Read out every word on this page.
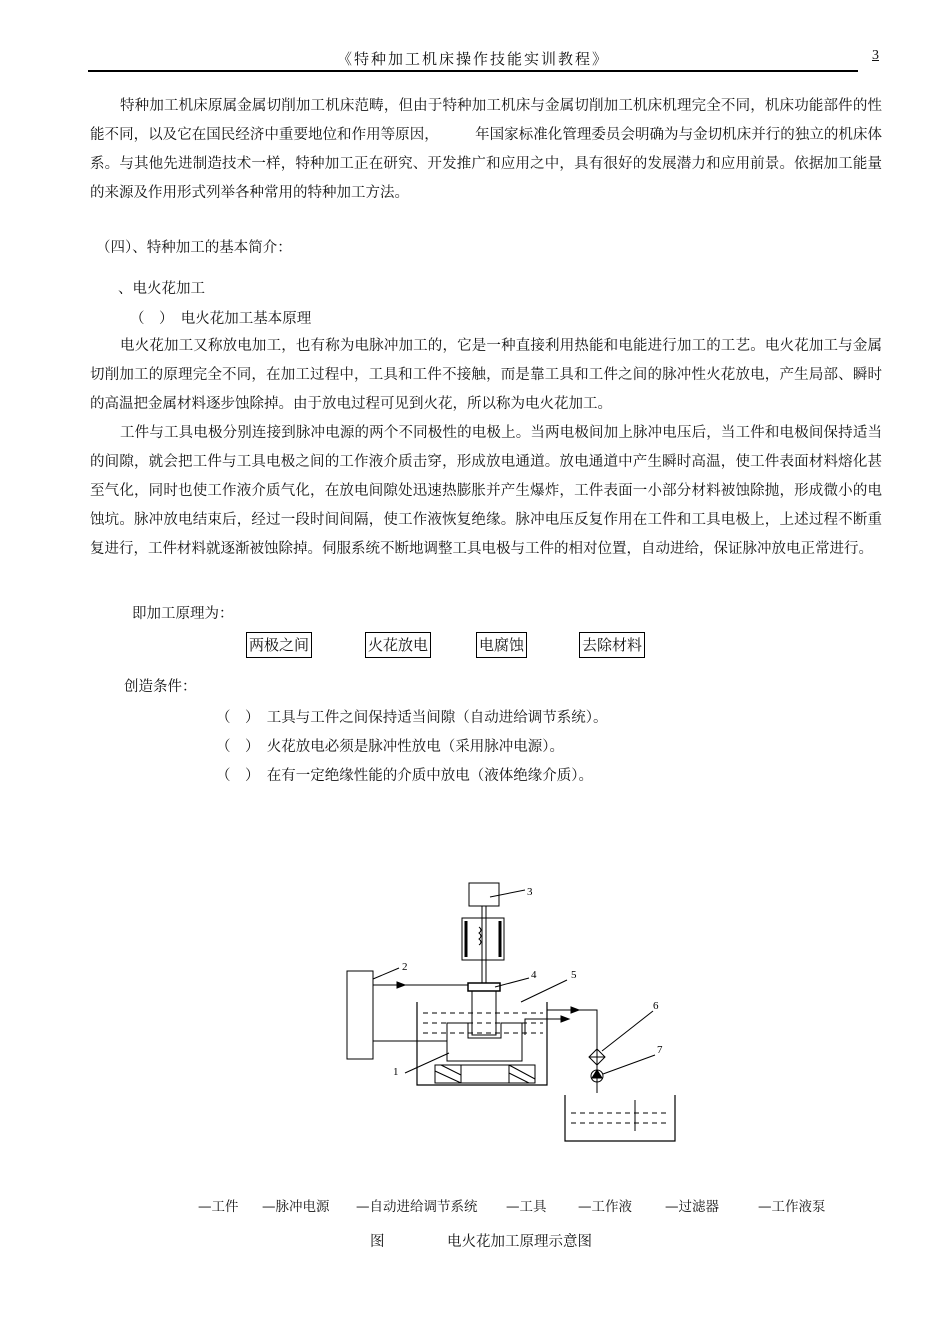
《特种加工机床操作技能实训教程》	3
特种加工机床原属金属切削加工机床范畴，但由于特种加工机床与金属切削加工机床机理完全不同，机床功能部件的性能不同，以及它在国民经济中重要地位和作用等原因，　　　年国家标准化管理委员会明确为与金切机床并行的独立的机床体系。与其他先进制造技术一样，特种加工正在研究、开发推广和应用之中，具有很好的发展潜力和应用前景。依据加工能量的来源及作用形式列举各种常用的特种加工方法。
（四）、特种加工的基本简介：
、电火花加工
（　）　电火花加工基本原理
电火花加工又称放电加工，也有称为电脉冲加工的，它是一种直接利用热能和电能进行加工的工艺。电火花加工与金属切削加工的原理完全不同，在加工过程中，工具和工件不接触，而是靠工具和工件之间的脉冲性火花放电，产生局部、瞬时的高温把金属材料逐步蚀除掉。由于放电过程可见到火花，所以称为电火花加工。
工件与工具电极分别连接到脉冲电源的两个不同极性的电极上。当两电极间加上脉冲电压后，当工件和电极间保持适当的间隙，就会把工件与工具电极之间的工作液介质击穿，形成放电通道。放电通道中产生瞬时高温，使工件表面材料熔化甚至气化，同时也使工作液介质气化，在放电间隙处迅速热膨胀并产生爆炸，工件表面一小部分材料被蚀除抛，形成微小的电蚀坑。脉冲放电结束后，经过一段时间间隔，使工作液恢复绝缘。脉冲电压反复作用在工件和工具电极上，上述过程不断重复进行，工件材料就逐渐被蚀除掉。伺服系统不断地调整工具电极与工件的相对位置，自动进给，保证脉冲放电正常进行。
即加工原理为：
两极之间	火花放电	电腐蚀	去除材料
创造条件：
（　）　工具与工件之间保持适当间隙（自动进给调节系统）。
（　）　火花放电必须是脉冲性放电（采用脉冲电源）。
（　）　在有一定绝缘性能的介质中放电（液体绝缘介质）。
1
2
3
4	5
6
7
—工件 —脉冲电源 —自动进给调节系统 —工具 —工作液 —过滤器	—工作液泵
图	电火花加工原理示意图
